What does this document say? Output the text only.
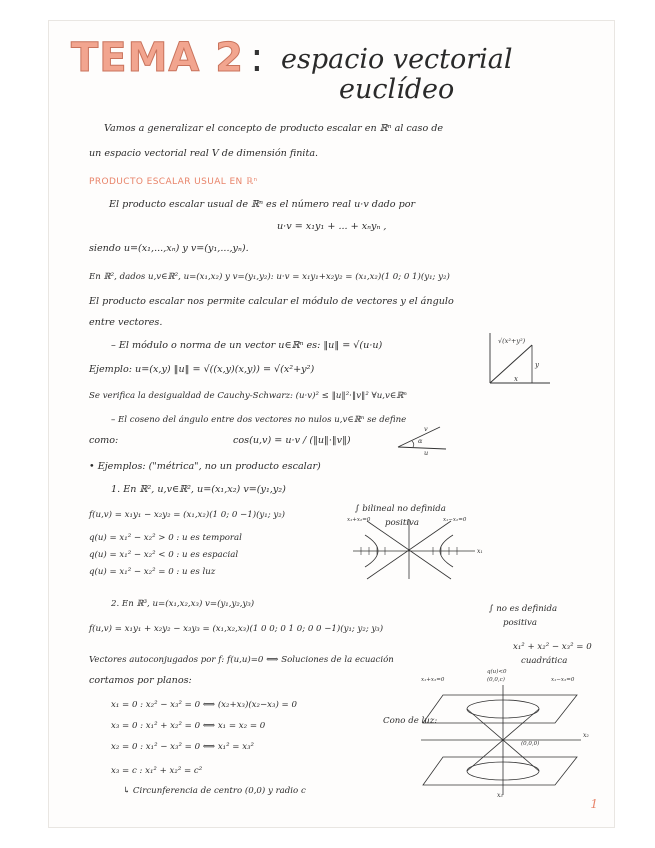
TEMA 2 : espacio vectorial
euclídeo
Vamos a generalizar el concepto de producto escalar en ℝⁿ al caso de
un espacio vectorial real V de dimensión finita.
PRODUCTO ESCALAR USUAL EN ℝⁿ
El producto escalar usual de ℝⁿ es el número real u·v dado por
u·v = x₁y₁ + ... + xₙyₙ ,
siendo u=(x₁,...,xₙ) y v=(y₁,...,yₙ).
En ℝ², dados u,v∈ℝ², u=(x₁,x₂) y v=(y₁,y₂): u·v = x₁y₁+x₂y₂ = (x₁,x₂)(1 0; 0 1)(y₁; y₂)
El producto escalar nos permite calcular el módulo de vectores y el ángulo
entre vectores.
– El módulo o norma de un vector u∈ℝⁿ es: ‖u‖ = √(u·u)
Ejemplo: u=(x,y) ‖u‖ = √((x,y)(x,y)) = √(x²+y²)
√(x²+y²)
x
y
Se verifica la desigualdad de Cauchy-Schwarz: (u·v)² ≤ ‖u‖²·‖v‖² ∀u,v∈ℝⁿ
– El coseno del ángulo entre dos vectores no nulos u,v∈ℝⁿ se define
como:	cos(u,v) = u·v / (‖u‖·‖v‖)	α
v
u
• Ejemplos: ("métrica", no un producto escalar)
1. En ℝ², u,v∈ℝ², u=(x₁,x₂) v=(y₁,y₂)
f(u,v) = x₁y₁ − x₂y₂ = (x₁,x₂)(1 0; 0 −1)(y₁; y₂)
∫ bilineal no definida
positiva
q(u) = x₁² − x₂² > 0 : u es temporal
q(u) = x₁² − x₂² < 0 : u es espacial
q(u) = x₁² − x₂² = 0 : u es luz
x₁+x₂=0	x₁−x₂=0
x₁
2. En ℝ³, u=(x₁,x₂,x₃) v=(y₁,y₂,y₃)
f(u,v) = x₁y₁ + x₂y₂ − x₃y₃ = (x₁,x₂,x₃)(1 0 0; 0 1 0; 0 0 −1)(y₁; y₂; y₃)
∫ no es definida
positiva
Vectores autoconjugados por f: f(u,u)=0 ⟺ Soluciones de la ecuación
x₁² + x₂² − x₃² = 0
cuadrática
cortamos por planos:
x₁ = 0 : x₂² − x₃² = 0 ⟺ (x₂+x₃)(x₂−x₃) = 0
x₃ = 0 : x₁² + x₂² = 0 ⟺ x₁ = x₂ = 0
x₂ = 0 : x₁² − x₃² = 0 ⟺ x₁² = x₃²
x₃ = c : x₁² + x₂² = c²
↳ Circunferencia de centro (0,0) y radio c
Cono de luz:
q(u)<0
(0,0,c)
x₁+x₃=0	x₁−x₃=0
(0,0,0)
x₂
x₃
1
